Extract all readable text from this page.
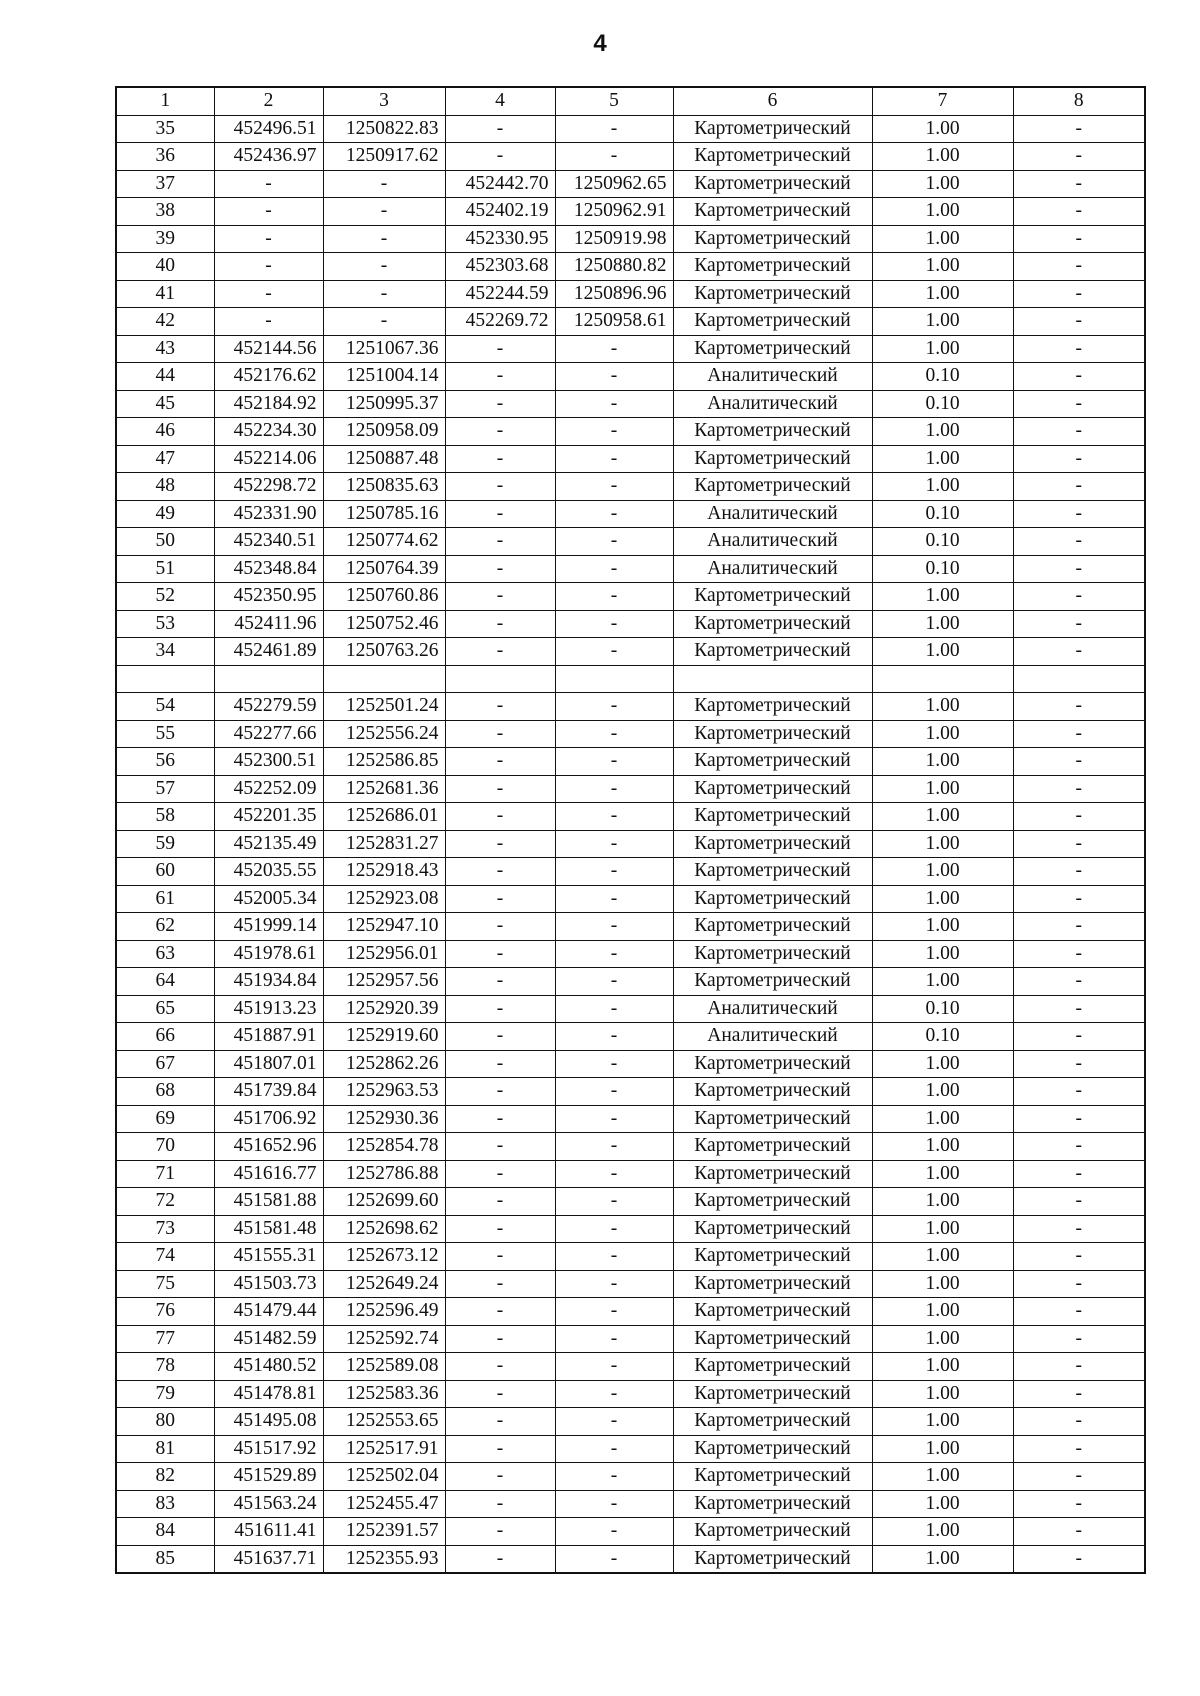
4
1	2	3	4	5	6	7	8
35	452496.51	1250822.83	-	-	Картометрический	1.00	-
36	452436.97	1250917.62	-	-	Картометрический	1.00	-
37	-	-	452442.70	1250962.65	Картометрический	1.00	-
38	-	-	452402.19	1250962.91	Картометрический	1.00	-
39	-	-	452330.95	1250919.98	Картометрический	1.00	-
40	-	-	452303.68	1250880.82	Картометрический	1.00	-
41	-	-	452244.59	1250896.96	Картометрический	1.00	-
42	-	-	452269.72	1250958.61	Картометрический	1.00	-
43	452144.56	1251067.36	-	-	Картометрический	1.00	-
44	452176.62	1251004.14	-	-	Аналитический	0.10	-
45	452184.92	1250995.37	-	-	Аналитический	0.10	-
46	452234.30	1250958.09	-	-	Картометрический	1.00	-
47	452214.06	1250887.48	-	-	Картометрический	1.00	-
48	452298.72	1250835.63	-	-	Картометрический	1.00	-
49	452331.90	1250785.16	-	-	Аналитический	0.10	-
50	452340.51	1250774.62	-	-	Аналитический	0.10	-
51	452348.84	1250764.39	-	-	Аналитический	0.10	-
52	452350.95	1250760.86	-	-	Картометрический	1.00	-
53	452411.96	1250752.46	-	-	Картометрический	1.00	-
34	452461.89	1250763.26	-	-	Картометрический	1.00	-

54	452279.59	1252501.24	-	-	Картометрический	1.00	-
55	452277.66	1252556.24	-	-	Картометрический	1.00	-
56	452300.51	1252586.85	-	-	Картометрический	1.00	-
57	452252.09	1252681.36	-	-	Картометрический	1.00	-
58	452201.35	1252686.01	-	-	Картометрический	1.00	-
59	452135.49	1252831.27	-	-	Картометрический	1.00	-
60	452035.55	1252918.43	-	-	Картометрический	1.00	-
61	452005.34	1252923.08	-	-	Картометрический	1.00	-
62	451999.14	1252947.10	-	-	Картометрический	1.00	-
63	451978.61	1252956.01	-	-	Картометрический	1.00	-
64	451934.84	1252957.56	-	-	Картометрический	1.00	-
65	451913.23	1252920.39	-	-	Аналитический	0.10	-
66	451887.91	1252919.60	-	-	Аналитический	0.10	-
67	451807.01	1252862.26	-	-	Картометрический	1.00	-
68	451739.84	1252963.53	-	-	Картометрический	1.00	-
69	451706.92	1252930.36	-	-	Картометрический	1.00	-
70	451652.96	1252854.78	-	-	Картометрический	1.00	-
71	451616.77	1252786.88	-	-	Картометрический	1.00	-
72	451581.88	1252699.60	-	-	Картометрический	1.00	-
73	451581.48	1252698.62	-	-	Картометрический	1.00	-
74	451555.31	1252673.12	-	-	Картометрический	1.00	-
75	451503.73	1252649.24	-	-	Картометрический	1.00	-
76	451479.44	1252596.49	-	-	Картометрический	1.00	-
77	451482.59	1252592.74	-	-	Картометрический	1.00	-
78	451480.52	1252589.08	-	-	Картометрический	1.00	-
79	451478.81	1252583.36	-	-	Картометрический	1.00	-
80	451495.08	1252553.65	-	-	Картометрический	1.00	-
81	451517.92	1252517.91	-	-	Картометрический	1.00	-
82	451529.89	1252502.04	-	-	Картометрический	1.00	-
83	451563.24	1252455.47	-	-	Картометрический	1.00	-
84	451611.41	1252391.57	-	-	Картометрический	1.00	-
85	451637.71	1252355.93	-	-	Картометрический	1.00	-
